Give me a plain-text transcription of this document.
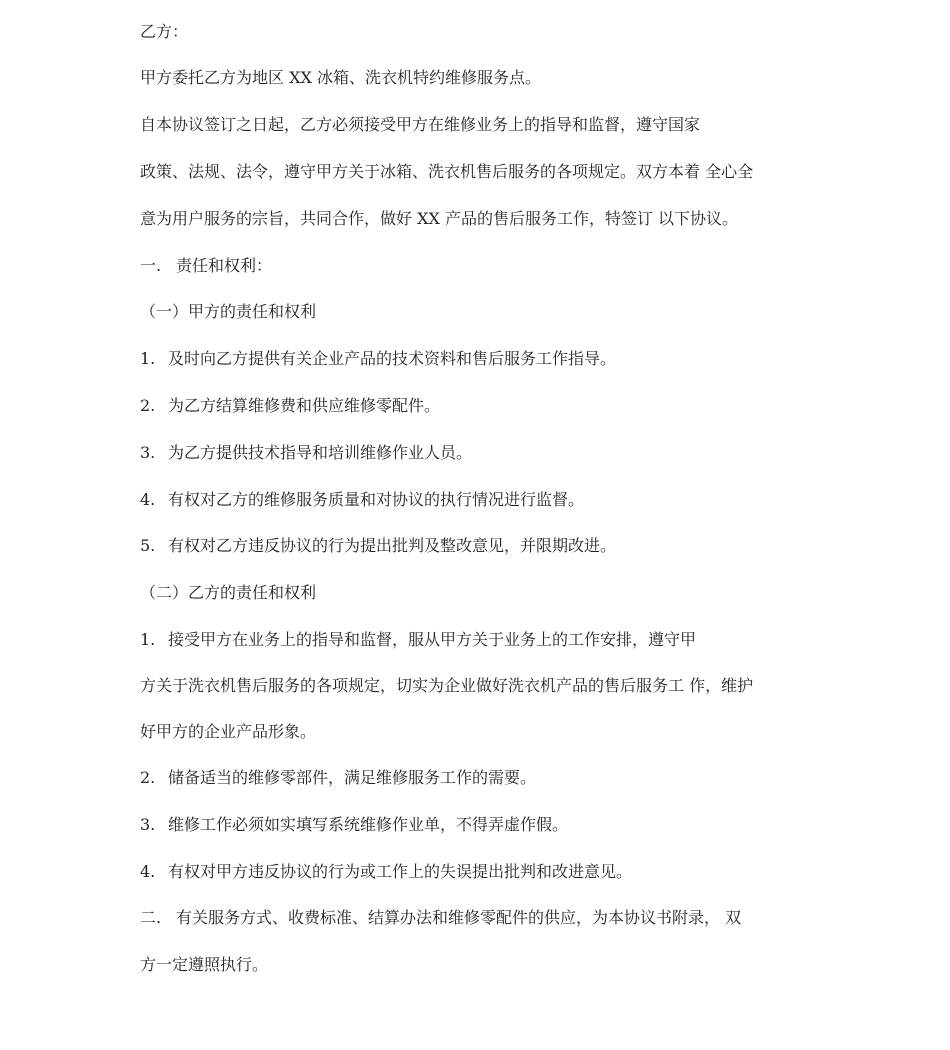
乙方：
甲方委托乙方为地区 XX 冰箱、洗衣机特约维修服务点。
自本协议签订之日起，乙方必须接受甲方在维修业务上的指导和监督，遵守国家
政策、法规、法令，遵守甲方关于冰箱、洗衣机售后服务的各项规定。双方本着 全心全
意为用户服务的宗旨，共同合作，做好 XX 产品的售后服务工作，特签订 以下协议。
一. 责任和权利：
（一）甲方的责任和权利
1. 及时向乙方提供有关企业产品的技术资料和售后服务工作指导。
2. 为乙方结算维修费和供应维修零配件。
3. 为乙方提供技术指导和培训维修作业人员。
4. 有权对乙方的维修服务质量和对协议的执行情况进行监督。
5. 有权对乙方违反协议的行为提出批判及整改意见，并限期改进。
（二）乙方的责任和权利
1. 接受甲方在业务上的指导和监督，服从甲方关于业务上的工作安排，遵守甲
方关于洗衣机售后服务的各项规定，切实为企业做好洗衣机产品的售后服务工 作，维护
好甲方的企业产品形象。
2. 储备适当的维修零部件，满足维修服务工作的需要。
3. 维修工作必须如实填写系统维修作业单，不得弄虚作假。
4. 有权对甲方违反协议的行为或工作上的失误提出批判和改进意见。
二. 有关服务方式、收费标准、结算办法和维修零配件的供应，为本协议书附录， 双
方一定遵照执行。
